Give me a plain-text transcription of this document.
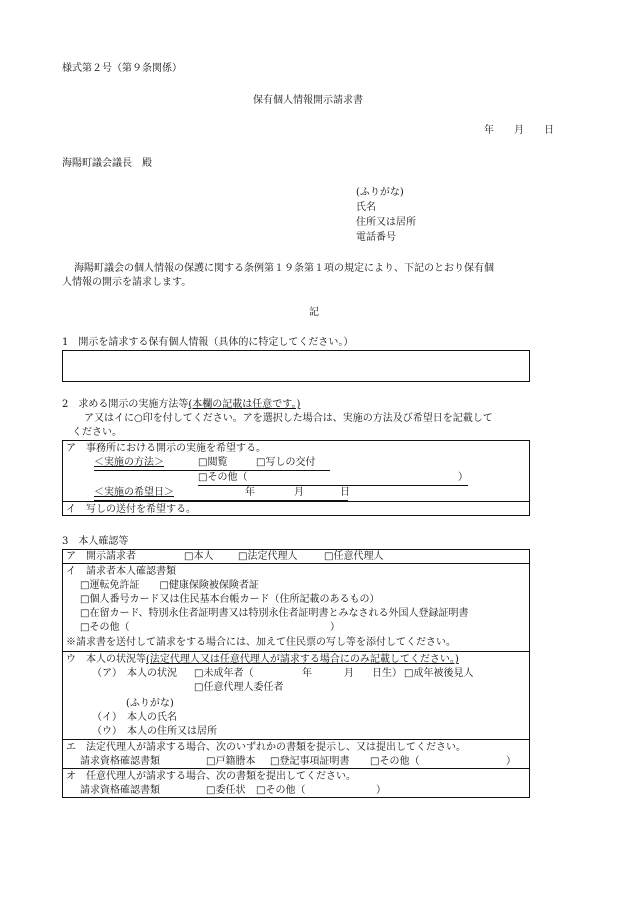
様式第２号（第９条関係）
保有個人情報開示請求書
年　　月　　日
海陽町議会議長　殿
(ふりがな)
氏名
住所又は居所
電話番号
海陽町議会の個人情報の保護に関する条例第１９条第１項の規定により、下記のとおり保有個
人情報の開示を請求します。
記
1　開示を請求する保有個人情報（具体的に特定してください。）
2　求める開示の実施方法等(本欄の記載は任意です。)
ア又はイに○印を付してください。アを選択した場合は、実施の方法及び希望日を記載して
ください。
ア　事務所における開示の実施を希望する。
＜実施の方法＞	□閲覧	□写しの交付
□その他（	）
＜実施の希望日＞	年	月	日
イ　写しの送付を希望する。
3　本人確認等
ア　開示請求者	□本人 □法定代理人	□任意代理人
イ　請求者本人確認書類
□運転免許証　　□健康保険被保険者証
□個人番号カード又は住民基本台帳カード（住所記載のあるもの）
□在留カード、特別永住者証明書又は特別永住者証明書とみなされる外国人登録証明書
□その他（	）
※請求書を送付して請求をする場合には、加えて住民票の写し等を添付してください。
ウ　本人の状況等(法定代理人又は任意代理人が請求する場合にのみ記載してください。)
（ア）　本人の状況 □未成年者（	年	月 日生） □成年被後見人
□任意代理人委任者
(ふりがな)
（イ）　本人の氏名
（ウ）　本人の住所又は居所
エ　法定代理人が請求する場合、次のいずれかの書類を提示し、又は提出してください。
請求資格確認書類	□戸籍謄本 □登記事項証明書 □その他（	）
オ　任意代理人が請求する場合、次の書類を提出してください。
請求資格確認書類	□委任状 □その他（	）
